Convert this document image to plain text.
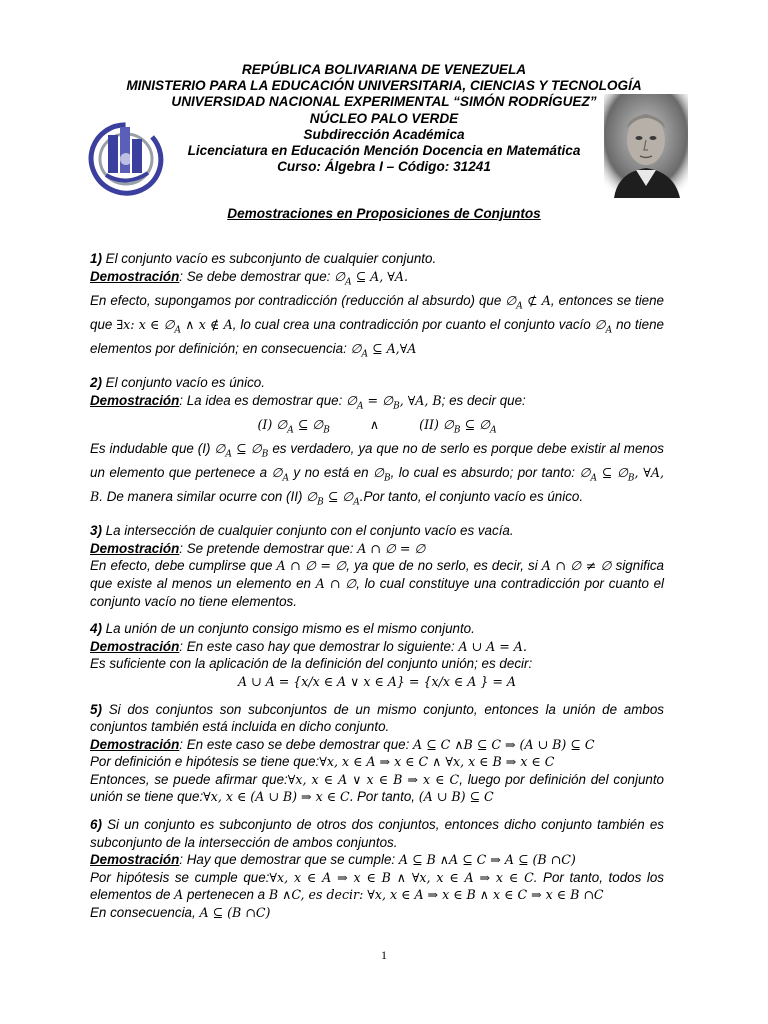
REPÚBLICA BOLIVARIANA DE VENEZUELA
MINISTERIO PARA LA EDUCACIÓN UNIVERSITARIA, CIENCIAS Y TECNOLOGÍA
UNIVERSIDAD NACIONAL EXPERIMENTAL “SIMÓN RODRÍGUEZ”
NÚCLEO PALO VERDE
Subdirección Académica
Licenciatura en Educación Mención Docencia en Matemática
Curso: Álgebra I – Código: 31241
Demostraciones en Proposiciones de Conjuntos

1) El conjunto vacío es subconjunto de cualquier conjunto.

Demostración: Se debe demostrar que: $\emptyset_A$ ⊆ A, ∀A.

En efecto, supongamos por contradicción (reducción al absurdo) que $\emptyset_A$ ⊄ A, entonces se tiene que ∃x: x ∈ $\emptyset_A$ ∧ x ∉ A, lo cual crea una contradicción por cuanto el conjunto vacío $\emptyset_A$ no tiene elementos por definición; en consecuencia: $\emptyset_A$ ⊆ A,∀A

2) El conjunto vacío es único.

Demostración: La idea es demostrar que: $\emptyset_A$ = $\emptyset_B$, ∀A, B; es decir que:

(I) $\emptyset_A$ ⊆ $\emptyset_B$          ∧          (II) $\emptyset_B$ ⊆ $\emptyset_A$

Es indudable que (I) $\emptyset_A$ ⊆ $\emptyset_B$ es verdadero, ya que no de serlo es porque debe existir al menos un elemento que pertenece a $\emptyset_A$ y no está en $\emptyset_B$, lo cual es absurdo; por tanto: $\emptyset_A$ ⊆ $\emptyset_B$, ∀A, B. De manera similar ocurre con (II) $\emptyset_B$ ⊆ $\emptyset_A.Por$ tanto, el conjunto vacío es único.

3) La intersección de cualquier conjunto con el conjunto vacío es vacía.

Demostración: Se pretende demostrar que: A ∩ ∅ = ∅

En efecto, debe cumplirse que A ∩ ∅ = ∅, ya que de no serlo, es decir, si A ∩ ∅ ≠ ∅ significa que existe al menos un elemento en A ∩ ∅, lo cual constituye una contradicción por cuanto el conjunto vacío no tiene elementos.

4) La unión de un conjunto consigo mismo es el mismo conjunto.

Demostración: En este caso hay que demostrar lo siguiente: A ∪ A = A.

Es suficiente con la aplicación de la definición del conjunto unión; es decir:

A ∪ A = {x/x ∈ A ∨ x ∈ A} = {x/x ∈ A } = A

5) Si dos conjuntos son subconjuntos de un mismo conjunto, entonces la unión de ambos conjuntos también está incluida en dicho conjunto.

Demostración: En este caso se debe demostrar que: A ⊆ C ∧B ⊆ C ⇒ (A ∪ B) ⊆ C

Por definición e hipótesis se tiene que:∀x, x ∈ A ⇒ x ∈ C ∧ ∀x, x ∈ B ⇒ x ∈ C

Entonces, se puede afirmar que:∀x, x ∈ A ∨ x ∈ B ⇒ x ∈ C, luego por definición del conjunto unión se tiene que:∀x, x ∈ (A ∪ B) ⇒ x ∈ C. Por tanto, (A ∪ B) ⊆ C

6) Si un conjunto es subconjunto de otros dos conjuntos, entonces dicho conjunto también es subconjunto de la intersección de ambos conjuntos.

Demostración: Hay que demostrar que se cumple: A ⊆ B ∧A ⊆ C ⇒ A ⊆ (B ∩C)

Por hipótesis se cumple que:∀x, x ∈ A ⇒ x ∈ B ∧ ∀x, x ∈ A ⇒ x ∈ C. Por tanto, todos los elementos de A pertenecen a B ∧C, es decir: ∀x, x ∈ A ⇒ x ∈ B ∧ x ∈ C ⇒ x ∈ B ∩C

En consecuencia, A ⊆ (B ∩C)

1
